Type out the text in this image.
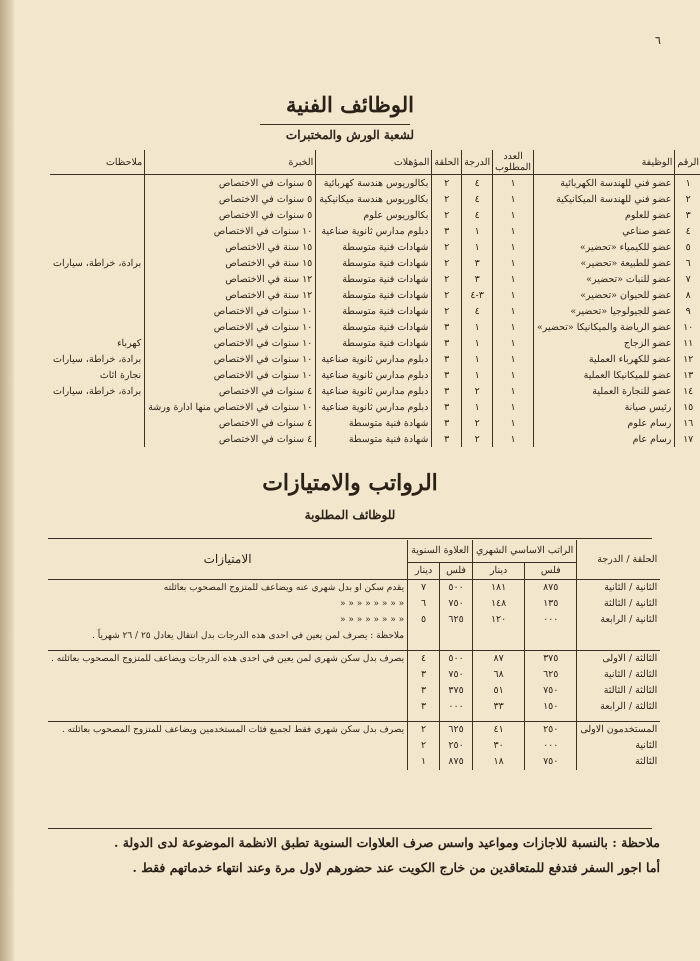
٦
الوظائف الفنية
لشعبة الورش والمختبرات
الرقم	الوظيفة	العدد المطلوب	الدرجة	الحلقة	المؤهلات	الخبرة	ملاحظات
١	عضو فني للهندسة الكهربائية	١	٤	٢	بكالوريوس هندسة كهربائية	٥ سنوات في الاختصاص	
٢	عضو فني للهندسة الميكانيكية	١	٤	٢	بكالوريوس هندسة ميكانيكية	٥ سنوات في الاختصاص	
٣	عضو للعلوم	١	٤	٢	بكالوريوس علوم	٥ سنوات في الاختصاص	
٤	عضو صناعي	١	١	٣	دبلوم مدارس ثانوية صناعية	١٠ سنوات في الاختصاص	
٥	عضو للكيمياء «تحضير»	١	١	٢	شهادات فنية متوسطة	١٥ سنة في الاختصاص	
٦	عضو للطبيعة «تحضير»	١	٣	٢	شهادات فنية متوسطة	١٥ سنة في الاختصاص	برادة، خراطة، سيارات
٧	عضو للنبات «تحضير»	١	٣	٢	شهادات فنية متوسطة	١٢ سنة في الاختصاص	
٨	عضو للحيوان «تحضير»	١	٣-٤	٢	شهادات فنية متوسطة	١٢ سنة في الاختصاص	
٩	عضو للجيولوجيا «تحضير»	١	٤	٢	شهادات فنية متوسطة	١٠ سنوات في الاختصاص	
١٠	عضو الرياضة والميكانيكا «تحضير»	١	١	٣	شهادات فنية متوسطة	١٠ سنوات في الاختصاص	
١١	عضو الزجاج	١	١	٣	شهادات فنية متوسطة	١٠ سنوات في الاختصاص	كهرباء
١٢	عضو للكهرباء العملية	١	١	٣	دبلوم مدارس ثانوية صناعية	١٠ سنوات في الاختصاص	برادة، خراطة، سيارات
١٣	عضو للميكانيكا العملية	١	١	٣	دبلوم مدارس ثانوية صناعية	١٠ سنوات في الاختصاص	نجارة اثاث
١٤	عضو للنجارة العملية	١	٢	٣	دبلوم مدارس ثانوية صناعية	٤ سنوات في الاختصاص	برادة، خراطة، سيارات
١٥	رئيس صيانة	١	١	٣	دبلوم مدارس ثانوية صناعية	١٠ سنوات في الاختصاص منها ادارة ورشة	
١٦	رسام علوم	١	٢	٣	شهادة فنية متوسطة	٤ سنوات في الاختصاص	
١٧	رسام عام	١	٢	٣	شهادة فنية متوسطة	٤ سنوات في الاختصاص	
الرواتب والامتيازات
للوظائف المطلوبة
الحلقة / الدرجة	الراتب الاساسي الشهري		العلاوة السنوية		الامتيازات
	فلس	دينار	فلس	دينار	
الثانية / الثانية	٨٧٥	١٨١	٥٠٠	٧	يقدم سكن او بدل شهري عنه ويضاعف للمتزوج المصحوب بعائلته
الثانية / الثالثة	١٣٥	١٤٨	٧٥٠	٦	« « « « « « « «
الثانية / الرابعة	٠٠٠	١٢٠	٦٢٥	٥	« « « « « « « «
					ملاحظة : يصرف لمن يعين في احدى هذه الدرجات بدل انتقال يعادل ٢٥ / ٢٦ شهرياً .

الثالثة / الاولى	٣٧٥	٨٧	٥٠٠	٤	يصرف بدل سكن شهري لمن يعين في احدى هذه الدرجات ويضاعف للمتزوج المصحوب بعائلته .
الثالثة / الثانية	٦٢٥	٦٨	٧٥٠	٣	
الثالثة / الثالثة	٧٥٠	٥١	٣٧٥	٣	
الثالثة / الرابعة	١٥٠	٣٣	٠٠٠	٣	

المستخدمون الاولى	٢٥٠	٤١	٦٢٥	٢	يصرف بدل سكن شهري فقط لجميع فئات المستخدمين ويضاعف للمتزوج المصحوب بعائلته .
الثانية	٠٠٠	٣٠	٢٥٠	٢	
الثالثة	٧٥٠	١٨	٨٧٥	١	
ملاحظة : بالنسبة للاجازات ومواعيد واسس صرف العلاوات السنوية تطبق الانظمة الموضوعة لدى الدولة .
أما اجور السفر فتدفع للمتعاقدين من خارج الكويت عند حضورهم لاول مرة وعند انتهاء خدماتهم فقط .
